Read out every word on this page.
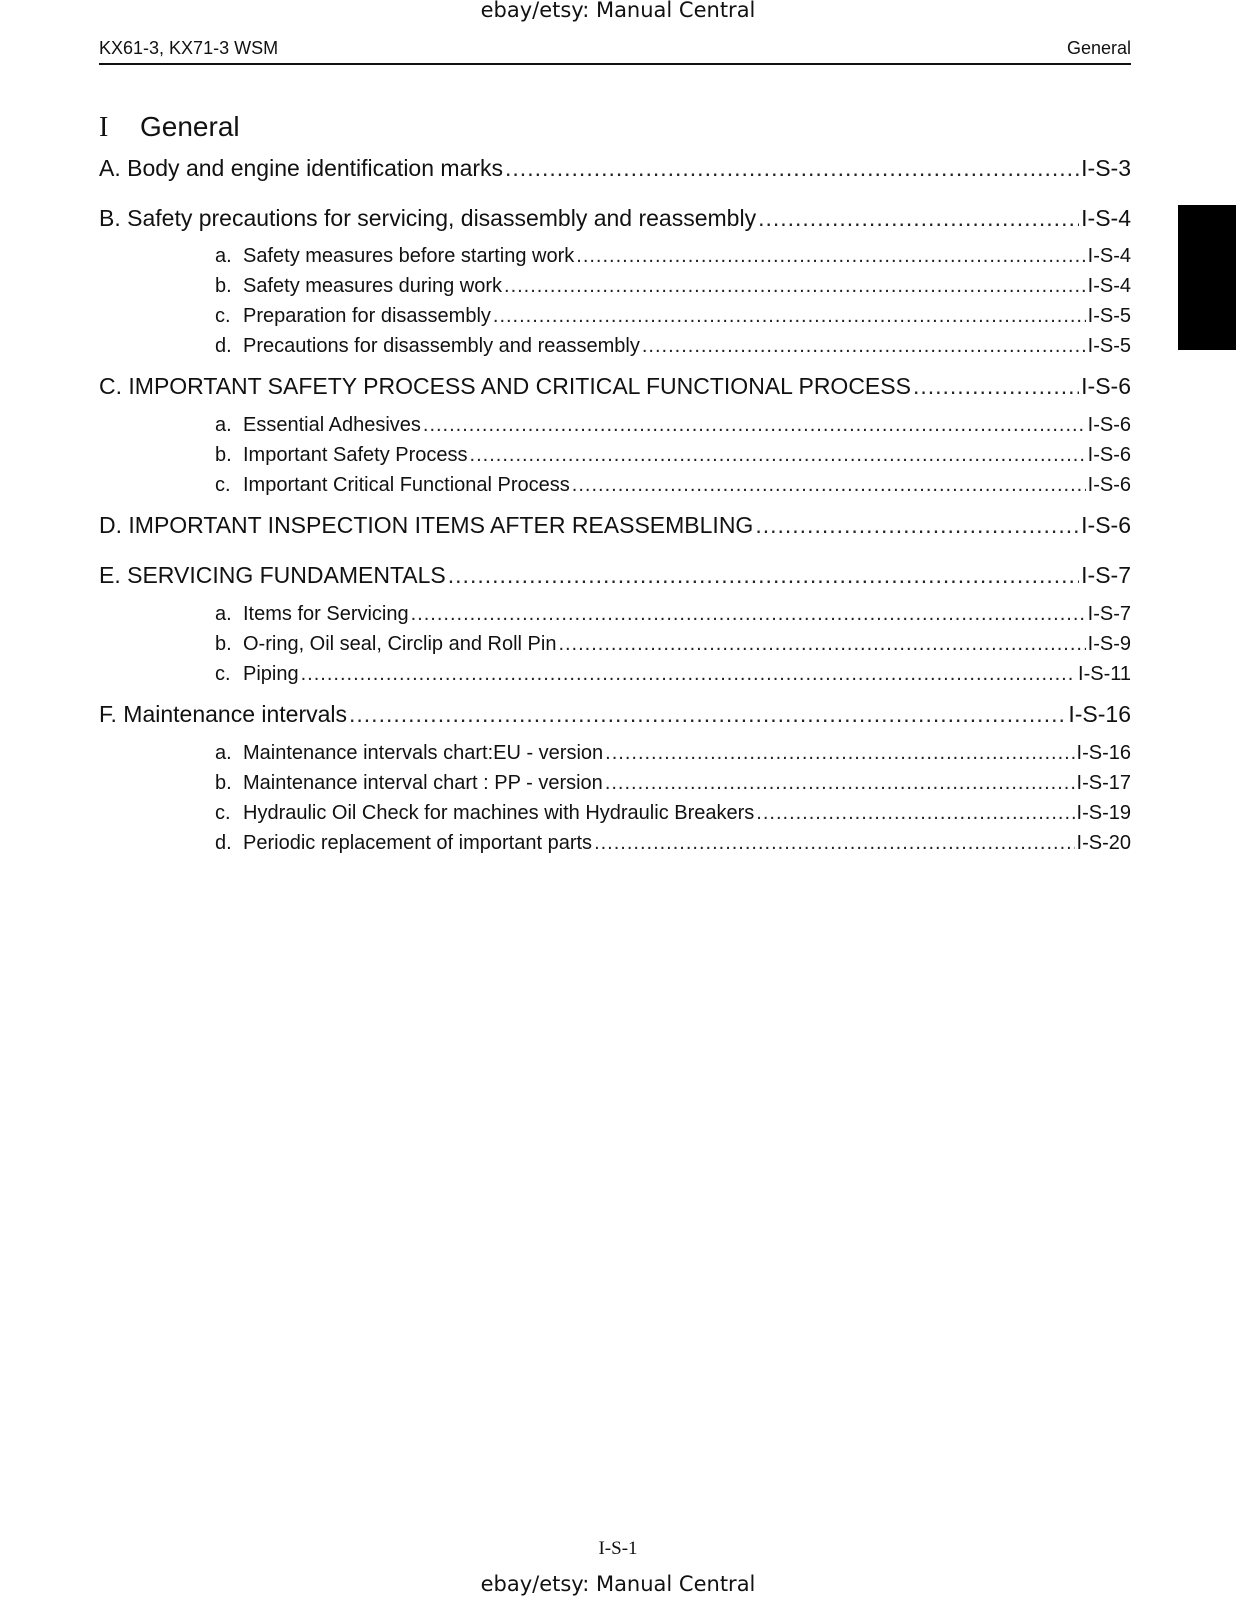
ebay/etsy: Manual Central
KX61-3, KX71-3 WSM	General
I General
A. Body and engine identification marks .....	I-S-3
B. Safety precautions for servicing, disassembly and reassembly .....	I-S-4
a. Safety measures before starting work .....	I-S-4
b. Safety measures during work .....	I-S-4
c. Preparation for disassembly .....	I-S-5
d. Precautions for disassembly and reassembly .....	I-S-5
C. IMPORTANT SAFETY PROCESS AND CRITICAL FUNCTIONAL PROCESS .....	I-S-6
a. Essential Adhesives .....	I-S-6
b. Important Safety Process .....	I-S-6
c. Important Critical Functional Process .....	I-S-6
D. IMPORTANT INSPECTION ITEMS AFTER REASSEMBLING .....	I-S-6
E. SERVICING FUNDAMENTALS .....	I-S-7
a. Items for Servicing .....	I-S-7
b. O-ring, Oil seal, Circlip and Roll Pin .....	I-S-9
c. Piping .....	I-S-11
F. Maintenance intervals .....	I-S-16
a. Maintenance intervals chart:EU - version .....	I-S-16
b. Maintenance interval chart : PP - version .....	I-S-17
c. Hydraulic Oil Check for machines with Hydraulic Breakers .....	I-S-19
d. Periodic replacement of important parts .....	I-S-20
I-S-1
ebay/etsy: Manual Central
